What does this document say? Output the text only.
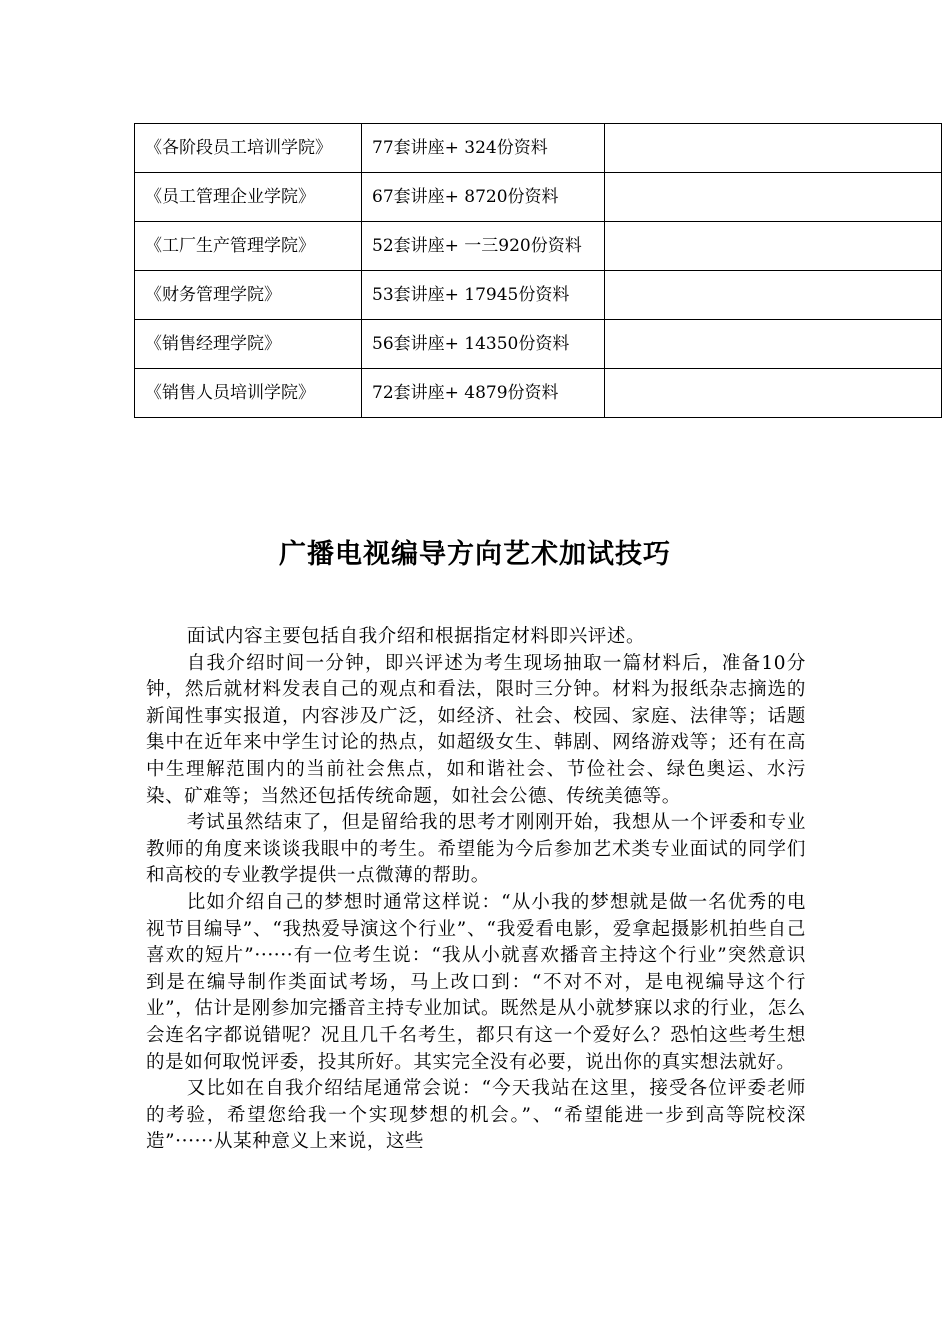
《各阶段员工培训学院》	77套讲座+ 324份资料	
《员工管理企业学院》	67套讲座+ 8720份资料	
《工厂生产管理学院》	52套讲座+ 一三920份资料	
《财务管理学院》	53套讲座+ 17945份资料	
《销售经理学院》	56套讲座+ 14350份资料	
《销售人员培训学院》	72套讲座+ 4879份资料	
广播电视编导方向艺术加试技巧

面试内容主要包括自我介绍和根据指定材料即兴评述。

自我介绍时间一分钟，即兴评述为考生现场抽取一篇材料后，准备10分钟，然后就材料发表自己的观点和看法，限时三分钟。材料为报纸杂志摘选的新闻性事实报道，内容涉及广泛，如经济、社会、校园、家庭、法律等；话题集中在近年来中学生讨论的热点，如超级女生、韩剧、网络游戏等；还有在高中生理解范围内的当前社会焦点，如和谐社会、节俭社会、绿色奥运、水污染、矿难等；当然还包括传统命题，如社会公德、传统美德等。

考试虽然结束了，但是留给我的思考才刚刚开始，我想从一个评委和专业教师的角度来谈谈我眼中的考生。希望能为今后参加艺术类专业面试的同学们和高校的专业教学提供一点微薄的帮助。

比如介绍自己的梦想时通常这样说：“从小我的梦想就是做一名优秀的电视节目编导”、“我热爱导演这个行业”、“我爱看电影，爱拿起摄影机拍些自己喜欢的短片”······有一位考生说：“我从小就喜欢播音主持这个行业”突然意识到是在编导制作类面试考场，马上改口到：“不对不对，是电视编导这个行业”，估计是刚参加完播音主持专业加试。既然是从小就梦寐以求的行业，怎么会连名字都说错呢？况且几千名考生，都只有这一个爱好么？恐怕这些考生想的是如何取悦评委，投其所好。其实完全没有必要，说出你的真实想法就好。

又比如在自我介绍结尾通常会说：“今天我站在这里，接受各位评委老师的考验，希望您给我一个实现梦想的机会。”、“希望能进一步到高等院校深造”······从某种意义上来说，这些
